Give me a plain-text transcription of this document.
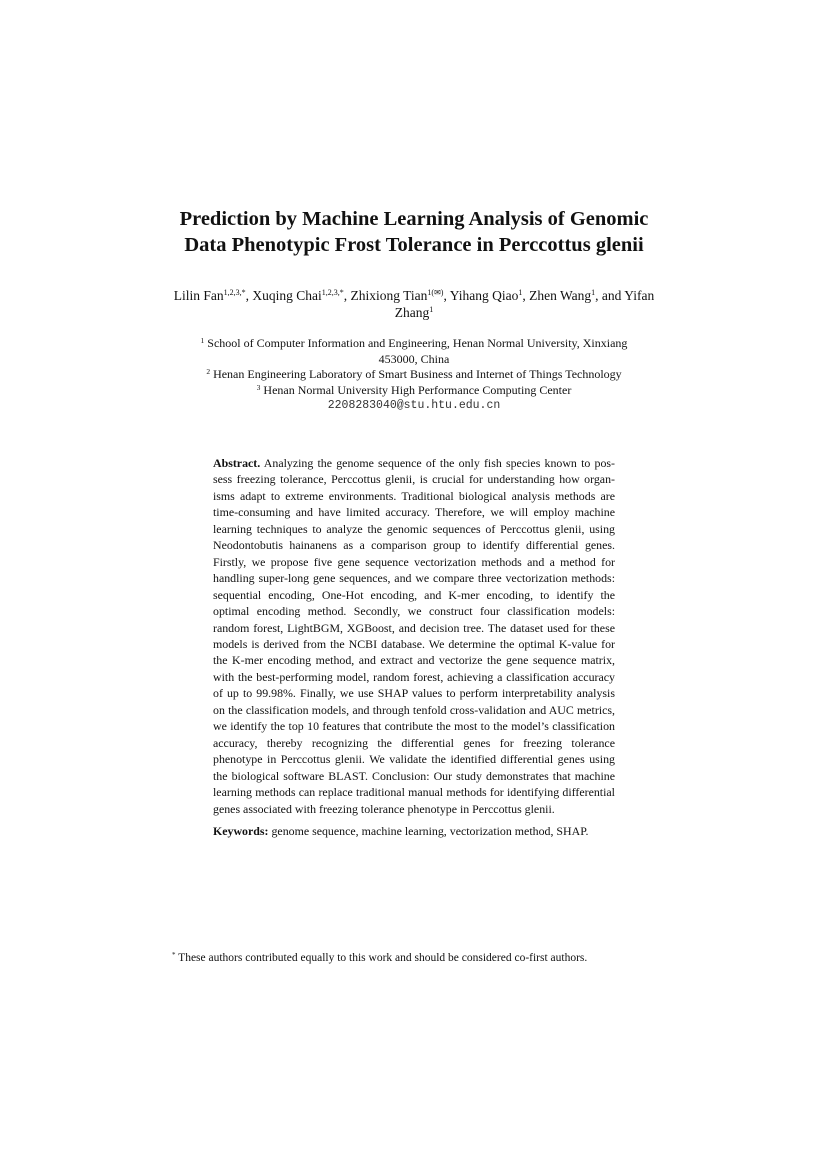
Prediction by Machine Learning Analysis of Genomic
Data Phenotypic Frost Tolerance in Perccottus glenii
Lilin Fan$^{1,2,3,*}$, Xuqing Chai$^{1,2,3,*}$, Zhixiong Tian$^{1(✉)}$, Yihang Qiao$^1$, Zhen Wang$^1$, and Yifan Zhang$^1$
$^1$ School of Computer Information and Engineering, Henan Normal University, Xinxiang
453000, China
$^2$ Henan Engineering Laboratory of Smart Business and Internet of Things Technology
$^3$ Henan Normal University High Performance Computing Center
2208283040@stu.htu.edu.cn
Abstract. Analyzing the genome sequence of the only fish species known to possess freezing tolerance, Perccottus glenii, is crucial for understanding how organisms adapt to extreme environments. Traditional biological analysis methods are time-consuming and have limited accuracy. Therefore, we will employ machine learning techniques to analyze the genomic sequences of Perccottus glenii, using Neodontobutis hainanens as a comparison group to identify differential genes. Firstly, we propose five gene sequence vectorization methods and a method for handling super-long gene sequences, and we compare three vectorization methods: sequential encoding, One-Hot encoding, and K-mer encoding, to identify the optimal encoding method. Secondly, we construct four classification models: random forest, LightBGM, XGBoost, and decision tree. The dataset used for these models is derived from the NCBI database. We determine the optimal K-value for the K-mer encoding method, and extract and vectorize the gene sequence matrix, with the best-performing model, random forest, achieving a classification accuracy of up to 99.98%. Finally, we use SHAP values to perform interpretability analysis on the classification models, and through tenfold cross-validation and AUC metrics, we identify the top 10 features that contribute the most to the model’s classification accuracy, thereby recognizing the differential genes for freezing tolerance phenotype in Perccottus glenii. We validate the identified differential genes using the biological software BLAST. Conclusion: Our study demonstrates that machine learning methods can replace traditional manual methods for identifying differential genes associated with freezing tolerance phenotype in Perccottus glenii.
Keywords: genome sequence, machine learning, vectorization method, SHAP.
* These authors contributed equally to this work and should be considered co-first authors.
